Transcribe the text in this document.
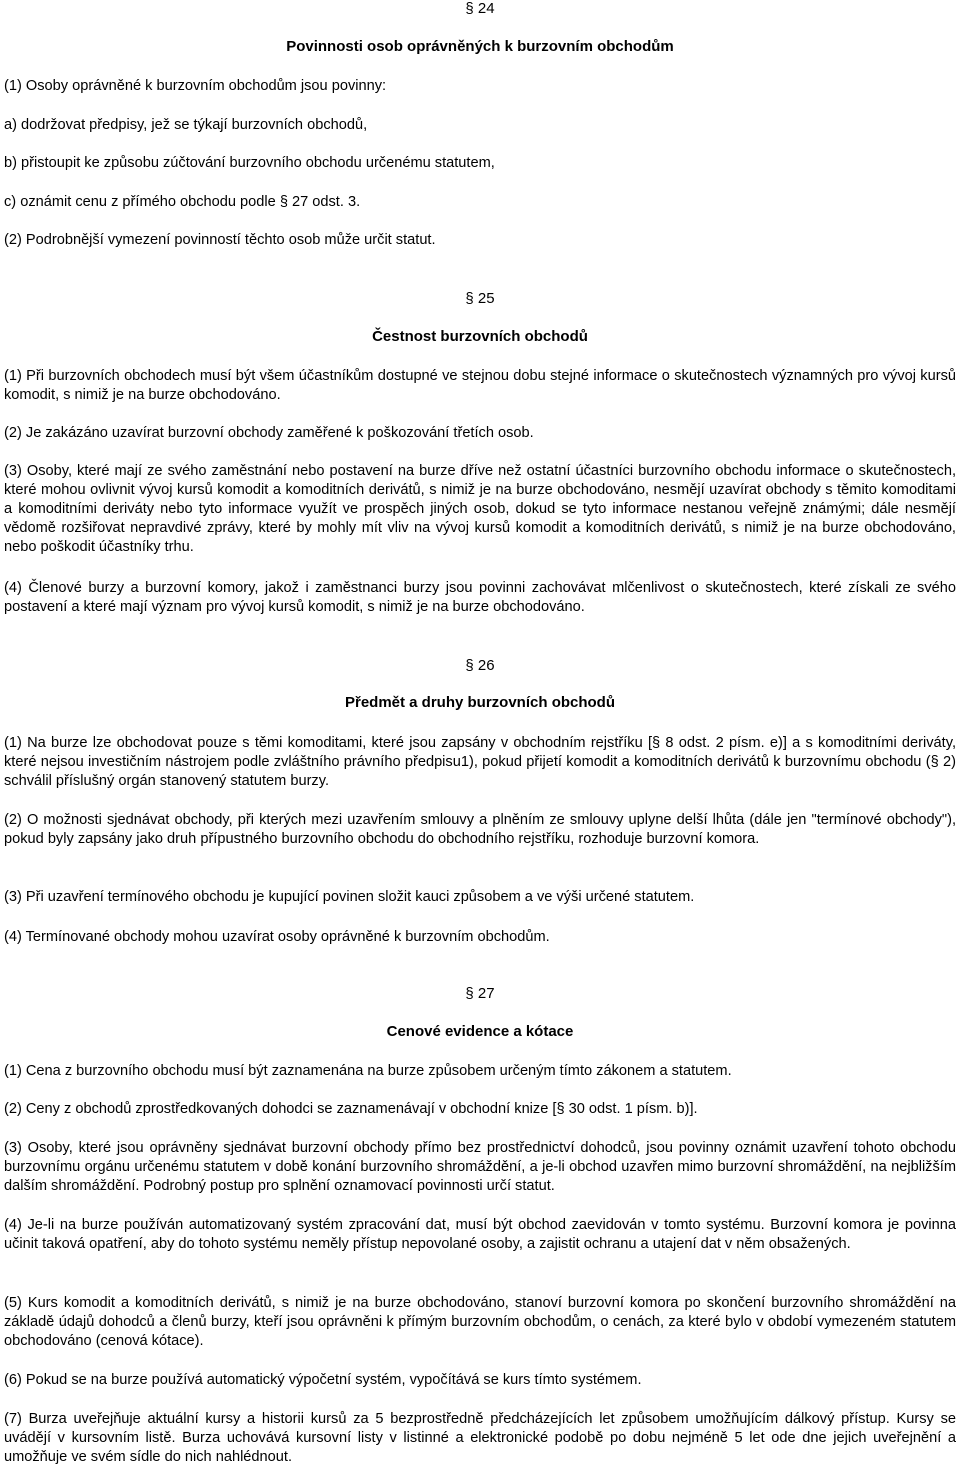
§ 24
Povinnosti osob oprávněných k burzovním obchodům
(1) Osoby oprávněné k burzovním obchodům jsou povinny:
a) dodržovat předpisy, jež se týkají burzovních obchodů,
b) přistoupit ke způsobu zúčtování burzovního obchodu určenému statutem,
c) oznámit cenu z přímého obchodu podle § 27 odst. 3.
(2) Podrobnější vymezení povinností těchto osob může určit statut.
§ 25
Čestnost burzovních obchodů
(1) Při burzovních obchodech musí být všem účastníkům dostupné ve stejnou dobu stejné informace o skutečnostech významných pro vývoj kursů komodit, s nimiž je na burze obchodováno.
(2) Je zakázáno uzavírat burzovní obchody zaměřené k poškozování třetích osob.
(3) Osoby, které mají ze svého zaměstnání nebo postavení na burze dříve než ostatní účastníci burzovního obchodu informace o skutečnostech, které mohou ovlivnit vývoj kursů komodit a komoditních derivátů, s nimiž je na burze obchodováno, nesmějí uzavírat obchody s těmito komoditami a komoditními deriváty nebo tyto informace využít ve prospěch jiných osob, dokud se tyto informace nestanou veřejně známými; dále nesmějí vědomě rozšiřovat nepravdivé zprávy, které by mohly mít vliv na vývoj kursů komodit a komoditních derivátů, s nimiž je na burze obchodováno, nebo poškodit účastníky trhu.
(4) Členové burzy a burzovní komory, jakož i zaměstnanci burzy jsou povinni zachovávat mlčenlivost o skutečnostech, které získali ze svého postavení a které mají význam pro vývoj kursů komodit, s nimiž je na burze obchodováno.
§ 26
Předmět a druhy burzovních obchodů
(1) Na burze lze obchodovat pouze s těmi komoditami, které jsou zapsány v obchodním rejstříku [§ 8 odst. 2 písm. e)] a s komoditními deriváty, které nejsou investičním nástrojem podle zvláštního právního předpisu1), pokud přijetí komodit a komoditních derivátů k burzovnímu obchodu (§ 2) schválil příslušný orgán stanovený statutem burzy.
(2) O možnosti sjednávat obchody, při kterých mezi uzavřením smlouvy a plněním ze smlouvy uplyne delší lhůta (dále jen "termínové obchody"), pokud byly zapsány jako druh přípustného burzovního obchodu do obchodního rejstříku, rozhoduje burzovní komora.
(3) Při uzavření termínového obchodu je kupující povinen složit kauci způsobem a ve výši určené statutem.
(4) Termínované obchody mohou uzavírat osoby oprávněné k burzovním obchodům.
§ 27
Cenové evidence a kótace
(1) Cena z burzovního obchodu musí být zaznamenána na burze způsobem určeným tímto zákonem a statutem.
(2) Ceny z obchodů zprostředkovaných dohodci se zaznamenávají v obchodní knize [§ 30 odst. 1 písm. b)].
(3) Osoby, které jsou oprávněny sjednávat burzovní obchody přímo bez prostřednictví dohodců, jsou povinny oznámit uzavření tohoto obchodu burzovnímu orgánu určenému statutem v době konání burzovního shromáždění, a je-li obchod uzavřen mimo burzovní shromáždění, na nejbližším dalším shromáždění. Podrobný postup pro splnění oznamovací povinnosti určí statut.
(4) Je-li na burze používán automatizovaný systém zpracování dat, musí být obchod zaevidován v tomto systému. Burzovní komora je povinna učinit taková opatření, aby do tohoto systému neměly přístup nepovolané osoby, a zajistit ochranu a utajení dat v něm obsažených.
(5) Kurs komodit a komoditních derivátů, s nimiž je na burze obchodováno, stanoví burzovní komora po skončení burzovního shromáždění na základě údajů dohodců a členů burzy, kteří jsou oprávněni k přímým burzovním obchodům, o cenách, za které bylo v období vymezeném statutem obchodováno (cenová kótace).
(6) Pokud se na burze používá automatický výpočetní systém, vypočítává se kurs tímto systémem.
(7) Burza uveřejňuje aktuální kursy a historii kursů za 5 bezprostředně předcházejících let způsobem umožňujícím dálkový přístup. Kursy se uvádějí v kursovním listě. Burza uchovává kursovní listy v listinné a elektronické podobě po dobu nejméně 5 let ode dne jejich uveřejnění a umožňuje ve svém sídle do nich nahlédnout.
